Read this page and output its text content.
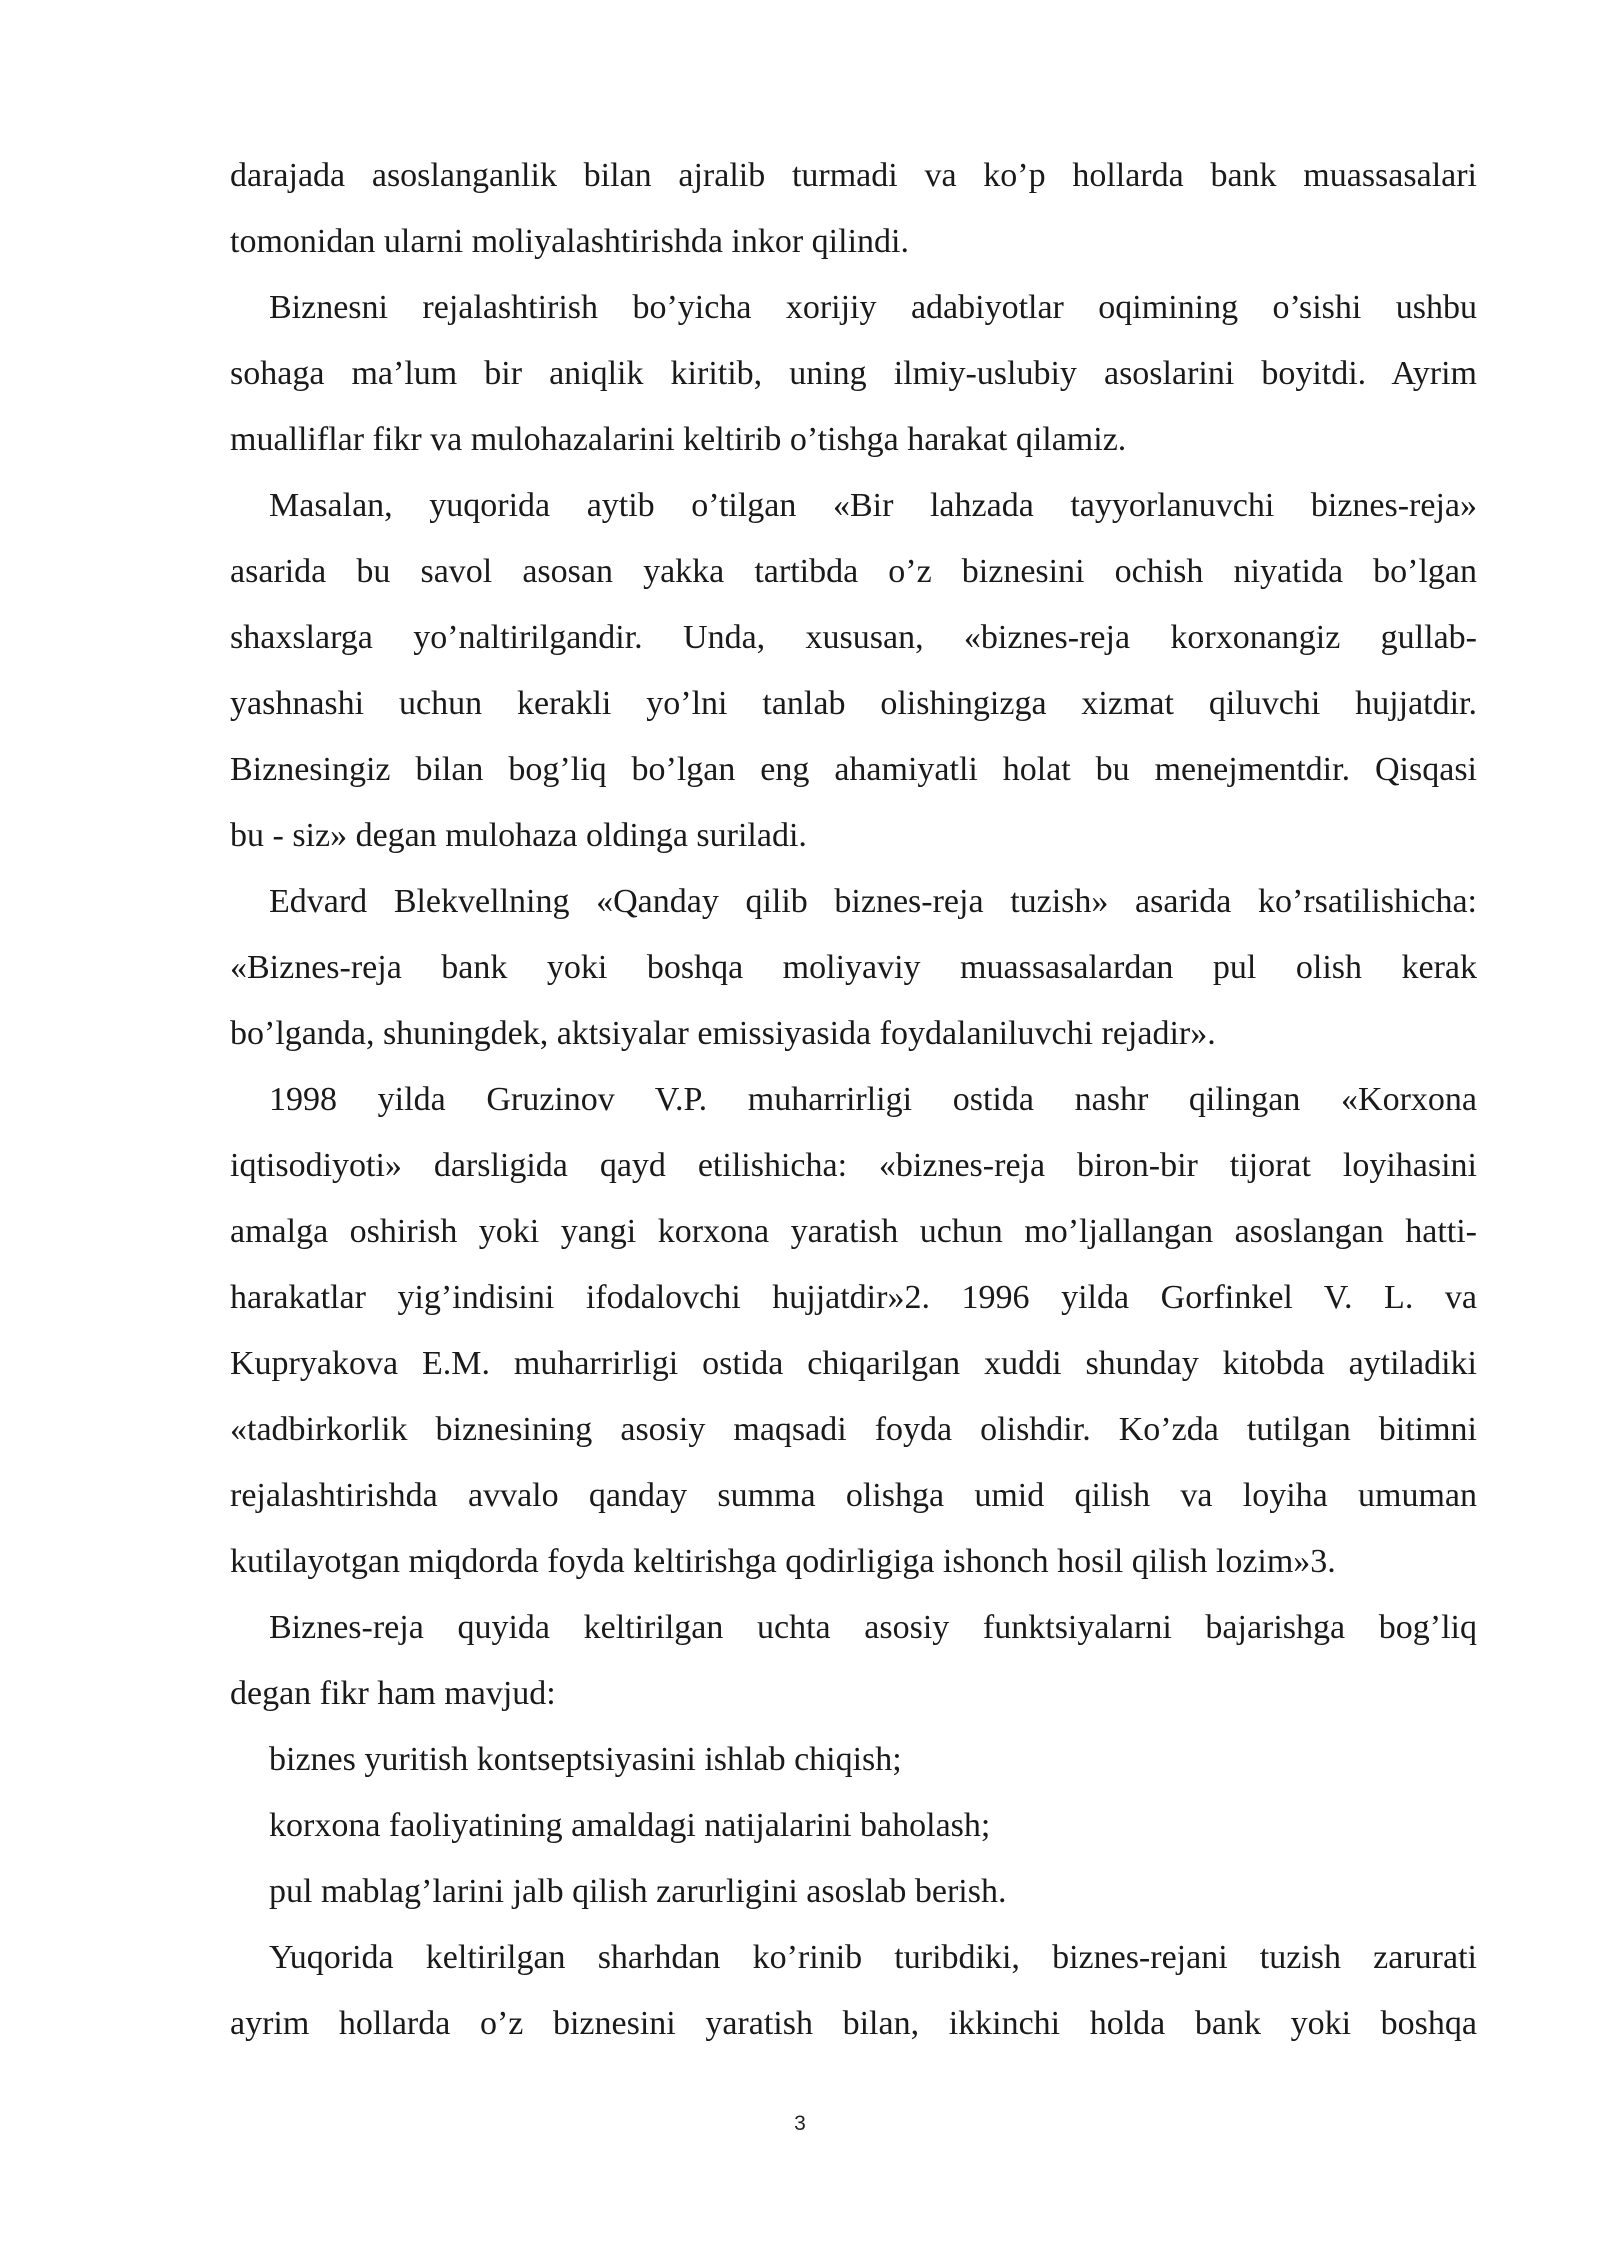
darajada asoslanganlik bilan ajralib turmadi va ko’p hollarda bank muassasalari
tomonidan ularni moliyalashtirishda inkor qilindi.
Biznesni rejalashtirish bo’yicha xorijiy adabiyotlar oqimining o’sishi ushbu
sohaga ma’lum bir aniqlik kiritib, uning ilmiy-uslubiy asoslarini boyitdi. Ayrim
mualliflar fikr va mulohazalarini keltirib o’tishga harakat qilamiz.
Masalan, yuqorida aytib o’tilgan «Bir lahzada tayyorlanuvchi biznes-reja»
asarida bu savol asosan yakka tartibda o’z biznesini ochish niyatida bo’lgan
shaxslarga yo’naltirilgandir. Unda, xususan, «biznes-reja korxonangiz gullab-
yashnashi uchun kerakli yo’lni tanlab olishingizga xizmat qiluvchi hujjatdir.
Biznesingiz bilan bog’liq bo’lgan eng ahamiyatli holat bu menejmentdir. Qisqasi
bu - siz» degan mulohaza oldinga suriladi.
Edvard Blekvellning «Qanday qilib biznes-reja tuzish» asarida ko’rsatilishicha:
«Biznes-reja bank yoki boshqa moliyaviy muassasalardan pul olish kerak
bo’lganda, shuningdek, aktsiyalar emissiyasida foydalaniluvchi rejadir».
1998 yilda Gruzinov V.P. muharrirligi ostida nashr qilingan «Korxona
iqtisodiyoti» darsligida qayd etilishicha: «biznes-reja biron-bir tijorat loyihasini
amalga oshirish yoki yangi korxona yaratish uchun mo’ljallangan asoslangan hatti-
harakatlar yig’indisini ifodalovchi hujjatdir»2. 1996 yilda Gorfinkel V. L. va
Kupryakova E.M. muharrirligi ostida chiqarilgan xuddi shunday kitobda aytiladiki
«tadbirkorlik biznesining asosiy maqsadi foyda olishdir. Ko’zda tutilgan bitimni
rejalashtirishda avvalo qanday summa olishga umid qilish va loyiha umuman
kutilayotgan miqdorda foyda keltirishga qodirligiga ishonch hosil qilish lozim»3.
Biznes-reja quyida keltirilgan uchta asosiy funktsiyalarni bajarishga bog’liq
degan fikr ham mavjud:
biznes yuritish kontseptsiyasini ishlab chiqish;
korxona faoliyatining amaldagi natijalarini baholash;
pul mablag’larini jalb qilish zarurligini asoslab berish.
Yuqorida keltirilgan sharhdan ko’rinib turibdiki, biznes-rejani tuzish zarurati
ayrim hollarda o’z biznesini yaratish bilan, ikkinchi holda bank yoki boshqa
3
